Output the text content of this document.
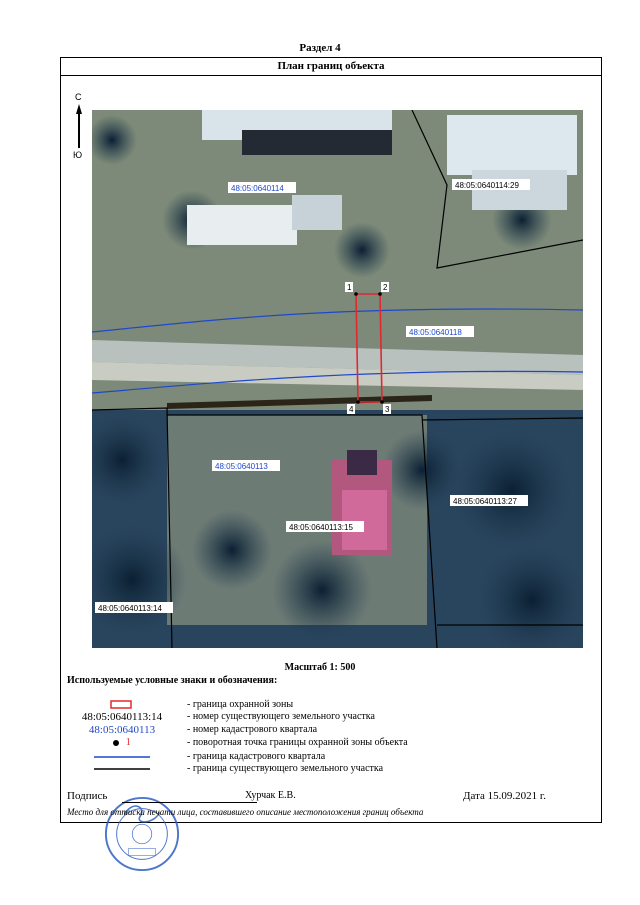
Раздел 4
План границ объекта
С
Ю
1	2
3
4
48:05:0640114	48:05:0640114:29
48:05:0640118
48:05:0640113
48:05:0640113:27
48:05:0640113:15
48:05:0640113:14
Масштаб 1: 500
Используемые условные знаки и обозначения:
- граница охранной зоны
48:05:0640113:14	- номер существующего земельного участка
48:05:0640113	- номер кадастрового квартала
1	- поворотная точка границы охранной зоны объекта
- граница кадастрового квартала
- граница существующего земельного участка
Подпись	Хурчак Е.В.	Дата 15.09.2021 г.
Место для оттиска печати лица, составившего описание местоположения границ объекта
